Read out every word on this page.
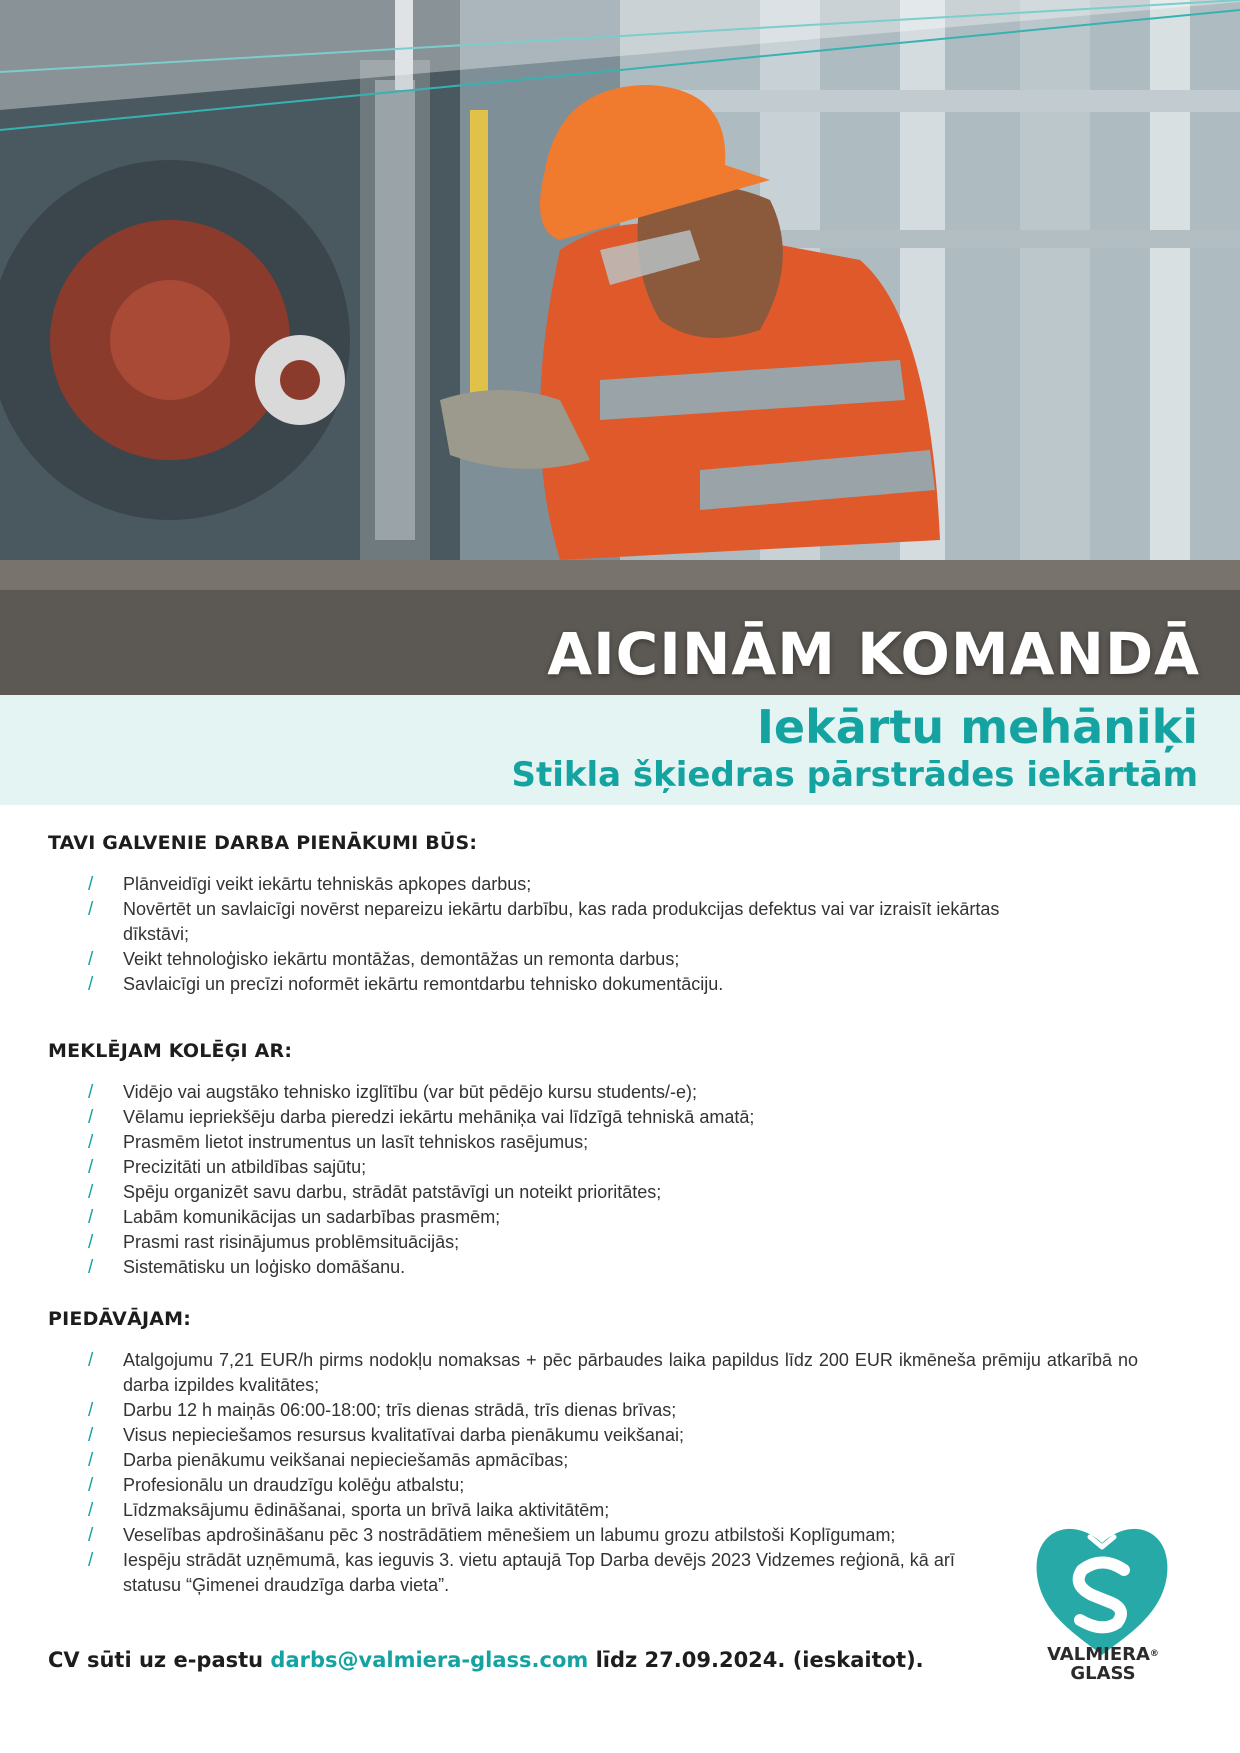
AICINĀM KOMANDĀ
Iekārtu mehāniķi
Stikla šķiedras pārstrādes iekārtām
TAVI GALVENIE DARBA PIENĀKUMI BŪS:
/ Plānveidīgi veikt iekārtu tehniskās apkopes darbus;
/ Novērtēt un savlaicīgi novērst nepareizu iekārtu darbību, kas rada produkcijas defektus vai var izraisīt iekārtas dīkstāvi;
/ Veikt tehnoloģisko iekārtu montāžas, demontāžas un remonta darbus;
/ Savlaicīgi un precīzi noformēt iekārtu remontdarbu tehnisko dokumentāciju.
MEKLĒJAM KOLĒĢI AR:
/ Vidējo vai augstāko tehnisko izglītību (var būt pēdējo kursu students/-e);
/ Vēlamu iepriekšēju darba pieredzi iekārtu mehāniķa vai līdzīgā tehniskā amatā;
/ Prasmēm lietot instrumentus un lasīt tehniskos rasējumus;
/ Precizitāti un atbildības sajūtu;
/ Spēju organizēt savu darbu, strādāt patstāvīgi un noteikt prioritātes;
/ Labām komunikācijas un sadarbības prasmēm;
/ Prasmi rast risinājumus problēmsituācijās;
/ Sistemātisku un loģisko domāšanu.
PIEDĀVĀJAM:
/ Atalgojumu 7,21 EUR/h pirms nodokļu nomaksas + pēc pārbaudes laika papildus līdz 200 EUR ikmēneša prēmiju atkarībā no darba izpildes kvalitātes;
/ Darbu 12 h maiņās 06:00-18:00; trīs dienas strādā, trīs dienas brīvas;
/ Visus nepieciešamos resursus kvalitatīvai darba pienākumu veikšanai;
/ Darba pienākumu veikšanai nepieciešamās apmācības;
/ Profesionālu un draudzīgu kolēģu atbalstu;
/ Līdzmaksājumu ēdināšanai, sporta un brīvā laika aktivitātēm;
/ Veselības apdrošināšanu pēc 3 nostrādātiem mēnešiem un labumu grozu atbilstoši Koplīgumam;
/ Iespēju strādāt uzņēmumā, kas ieguvis 3. vietu aptaujā Top Darba devējs 2023 Vidzemes reģionā, kā arī statusu “Ģimenei draudzīga darba vieta”.
CV sūti uz e-pastu darbs@valmiera-glass.com līdz 27.09.2024. (ieskaitot).	VALMIERA®
GLASS
